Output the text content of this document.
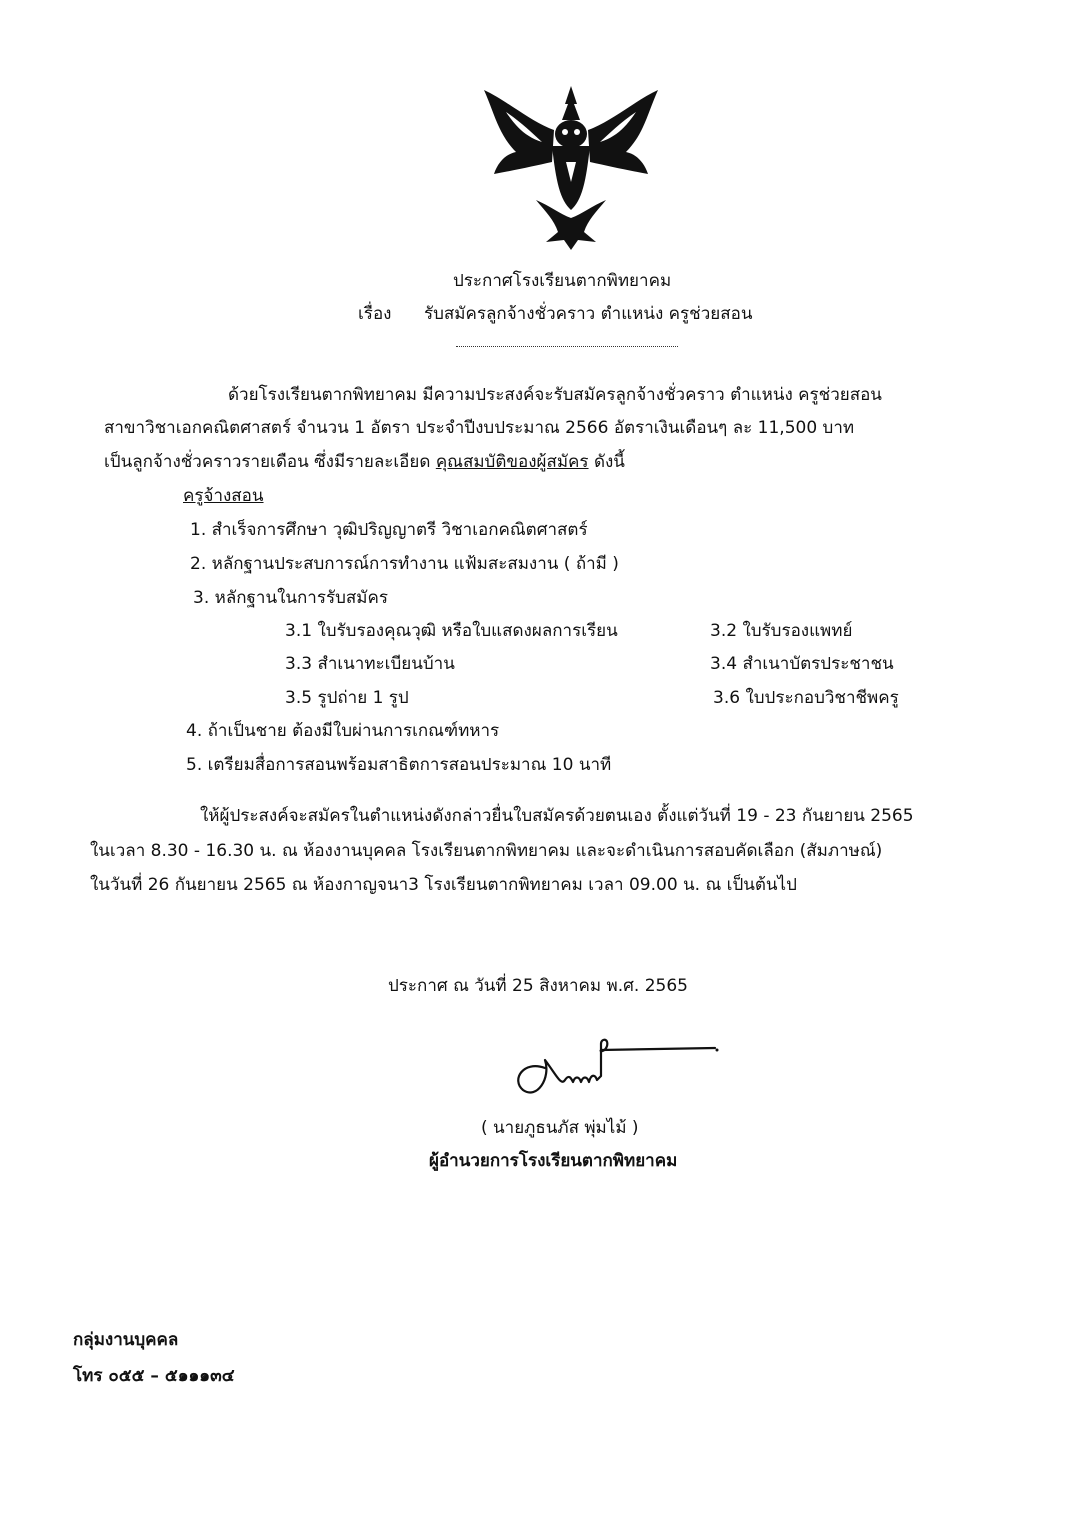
ประกาศโรงเรียนตากพิทยาคม
เรื่อง รับสมัครลูกจ้างชั่วคราว ตำแหน่ง ครูช่วยสอน
ด้วยโรงเรียนตากพิทยาคม มีความประสงค์จะรับสมัครลูกจ้างชั่วคราว ตำแหน่ง ครูช่วยสอน
สาขาวิชาเอกคณิตศาสตร์ จำนวน 1 อัตรา ประจำปีงบประมาณ 2566 อัตราเงินเดือนๆ ละ 11,500 บาท
เป็นลูกจ้างชั่วคราวรายเดือน ซึ่งมีรายละเอียด คุณสมบัติของผู้สมัคร ดังนี้
ครูจ้างสอน
1. สำเร็จการศึกษา วุฒิปริญญาตรี วิชาเอกคณิตศาสตร์
2. หลักฐานประสบการณ์การทำงาน แฟ้มสะสมงาน ( ถ้ามี )
3. หลักฐานในการรับสมัคร
3.1 ใบรับรองคุณวุฒิ หรือใบแสดงผลการเรียน	3.2 ใบรับรองแพทย์
3.3 สำเนาทะเบียนบ้าน	3.4 สำเนาบัตรประชาชน
3.5 รูปถ่าย 1 รูป	3.6 ใบประกอบวิชาชีพครู
4. ถ้าเป็นชาย ต้องมีใบผ่านการเกณฑ์ทหาร
5. เตรียมสื่อการสอนพร้อมสาธิตการสอนประมาณ 10 นาที
ให้ผู้ประสงค์จะสมัครในตำแหน่งดังกล่าวยื่นใบสมัครด้วยตนเอง ตั้งแต่วันที่ 19 - 23 กันยายน 2565
ในเวลา 8.30 - 16.30 น. ณ ห้องงานบุคคล โรงเรียนตากพิทยาคม และจะดำเนินการสอบคัดเลือก (สัมภาษณ์)
ในวันที่ 26 กันยายน 2565 ณ ห้องกาญจนา3 โรงเรียนตากพิทยาคม เวลา 09.00 น. ณ เป็นต้นไป
ประกาศ ณ วันที่ 25 สิงหาคม พ.ศ. 2565
( นายภูธนภัส พุ่มไม้ )
ผู้อำนวยการโรงเรียนตากพิทยาคม
กลุ่มงานบุคคล
โทร ๐๕๕ – ๕๑๑๑๓๔
